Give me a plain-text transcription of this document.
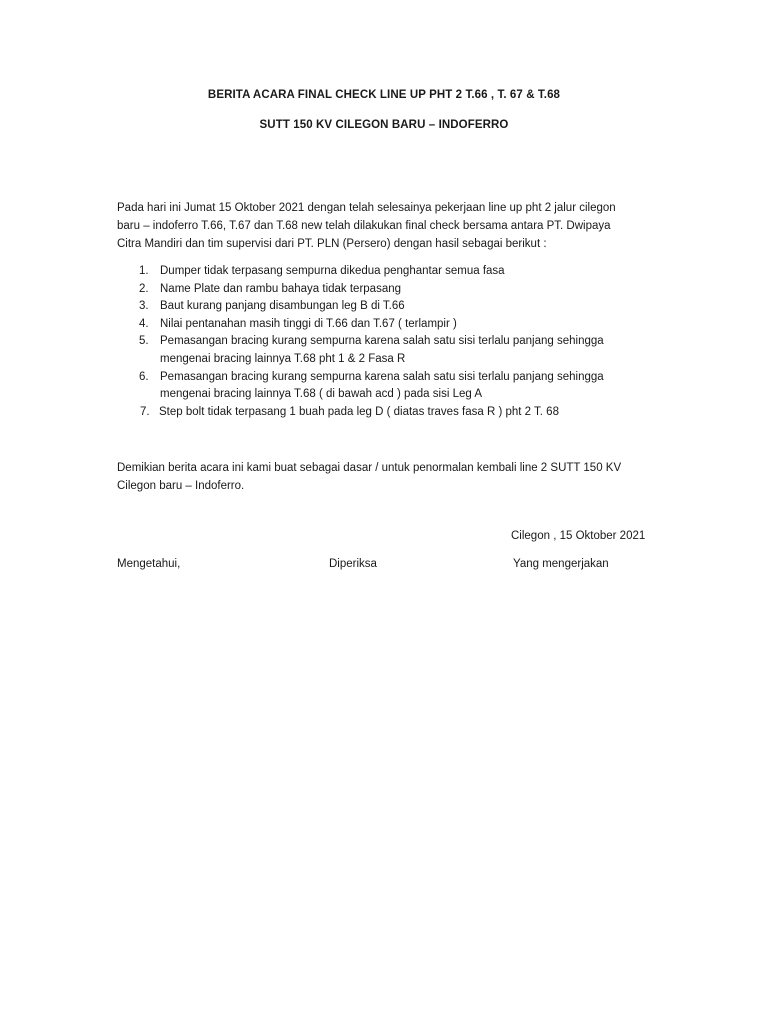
BERITA ACARA FINAL CHECK LINE UP PHT 2 T.66 , T. 67 & T.68
SUTT 150 KV CILEGON BARU – INDOFERRO

Pada hari ini Jumat 15 Oktober 2021 dengan telah selesainya pekerjaan line up pht 2 jalur cilegon
baru – indoferro T.66, T.67 dan T.68 new telah dilakukan final check bersama antara PT. Dwipaya
Citra Mandiri dan tim supervisi dari PT. PLN (Persero) dengan hasil sebagai berikut :

1. Dumper tidak terpasang sempurna dikedua penghantar semua fasa
2. Name Plate dan rambu bahaya tidak terpasang
3. Baut kurang panjang disambungan leg B di T.66
4. Nilai pentanahan masih tinggi di T.66 dan T.67 ( terlampir )
5. Pemasangan bracing kurang sempurna karena salah satu sisi terlalu panjang sehingga
mengenai bracing lainnya T.68 pht 1 & 2 Fasa R
6. Pemasangan bracing kurang sempurna karena salah satu sisi terlalu panjang sehingga
mengenai bracing lainnya T.68 ( di bawah acd ) pada sisi Leg A
7. Step bolt tidak terpasang 1 buah pada leg D ( diatas traves fasa R ) pht 2 T. 68

Demikian berita acara ini kami buat sebagai dasar / untuk penormalan kembali line 2 SUTT 150 KV
Cilegon baru – Indoferro.

Cilegon , 15 Oktober 2021
Mengetahui,	Diperiksa	Yang mengerjakan
